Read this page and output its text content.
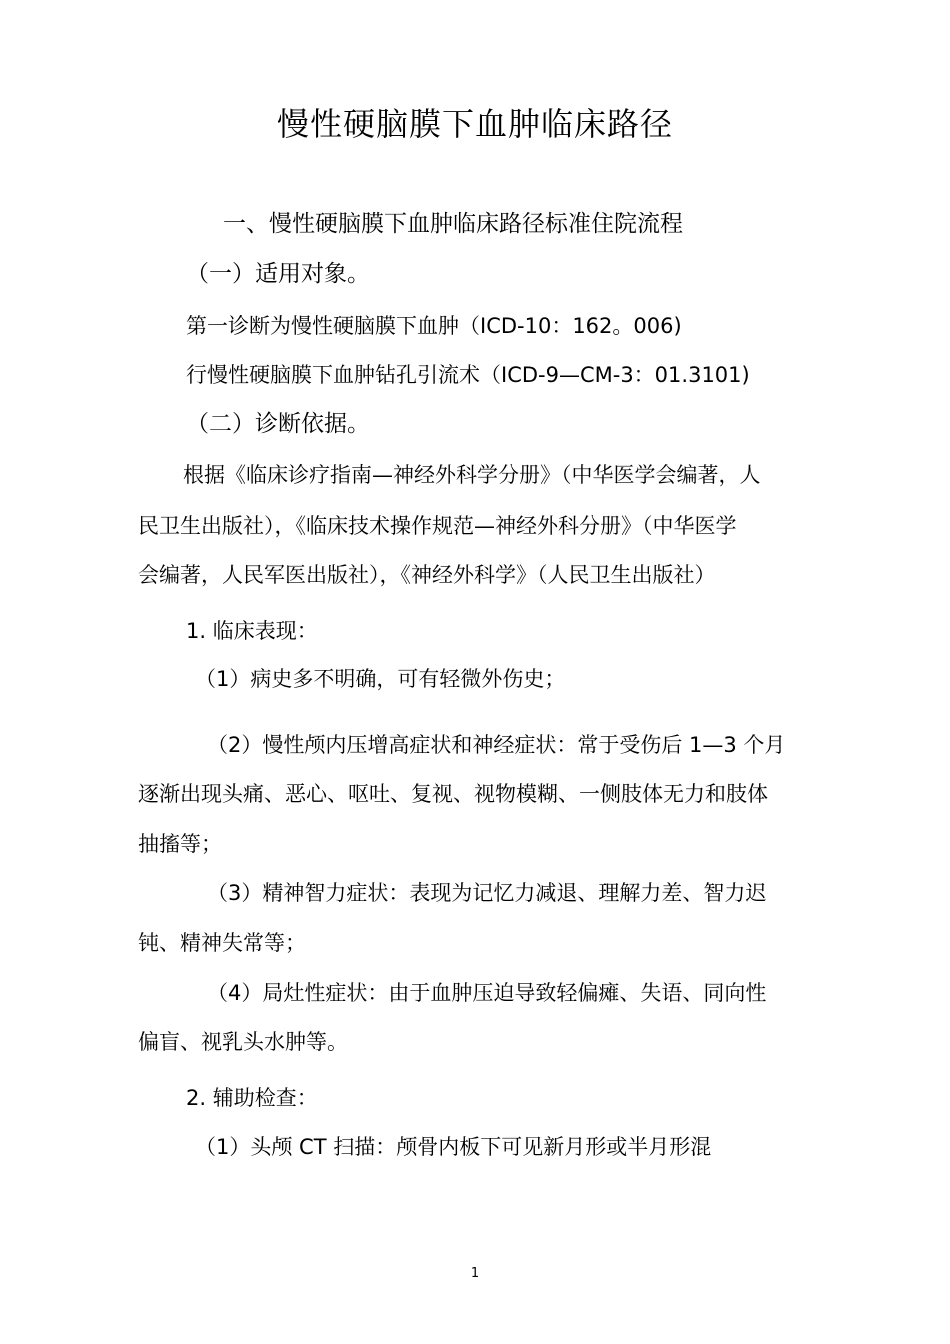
慢性硬脑膜下血肿临床路径

一、慢性硬脑膜下血肿临床路径标准住院流程

（一）适用对象。

第一诊断为慢性硬脑膜下血肿（ICD-10：162。006)

行慢性硬脑膜下血肿钻孔引流术（ICD-9—CM-3：01.3101)

（二）诊断依据。

根据《临床诊疗指南—神经外科学分册》（中华医学会编著，人

民卫生出版社），《临床技术操作规范—神经外科分册》（中华医学

会编著，人民军医出版社），《神经外科学》（人民卫生出版社）

1. 临床表现：

（1）病史多不明确，可有轻微外伤史；

（2）慢性颅内压增高症状和神经症状：常于受伤后 1—3 个月

逐渐出现头痛、恶心、呕吐、复视、视物模糊、一侧肢体无力和肢体

抽搐等；

（3）精神智力症状：表现为记忆力减退、理解力差、智力迟

钝、精神失常等；

（4）局灶性症状：由于血肿压迫导致轻偏瘫、失语、同向性

偏盲、视乳头水肿等。

2. 辅助检查：

（1）头颅 CT 扫描：颅骨内板下可见新月形或半月形混

1
